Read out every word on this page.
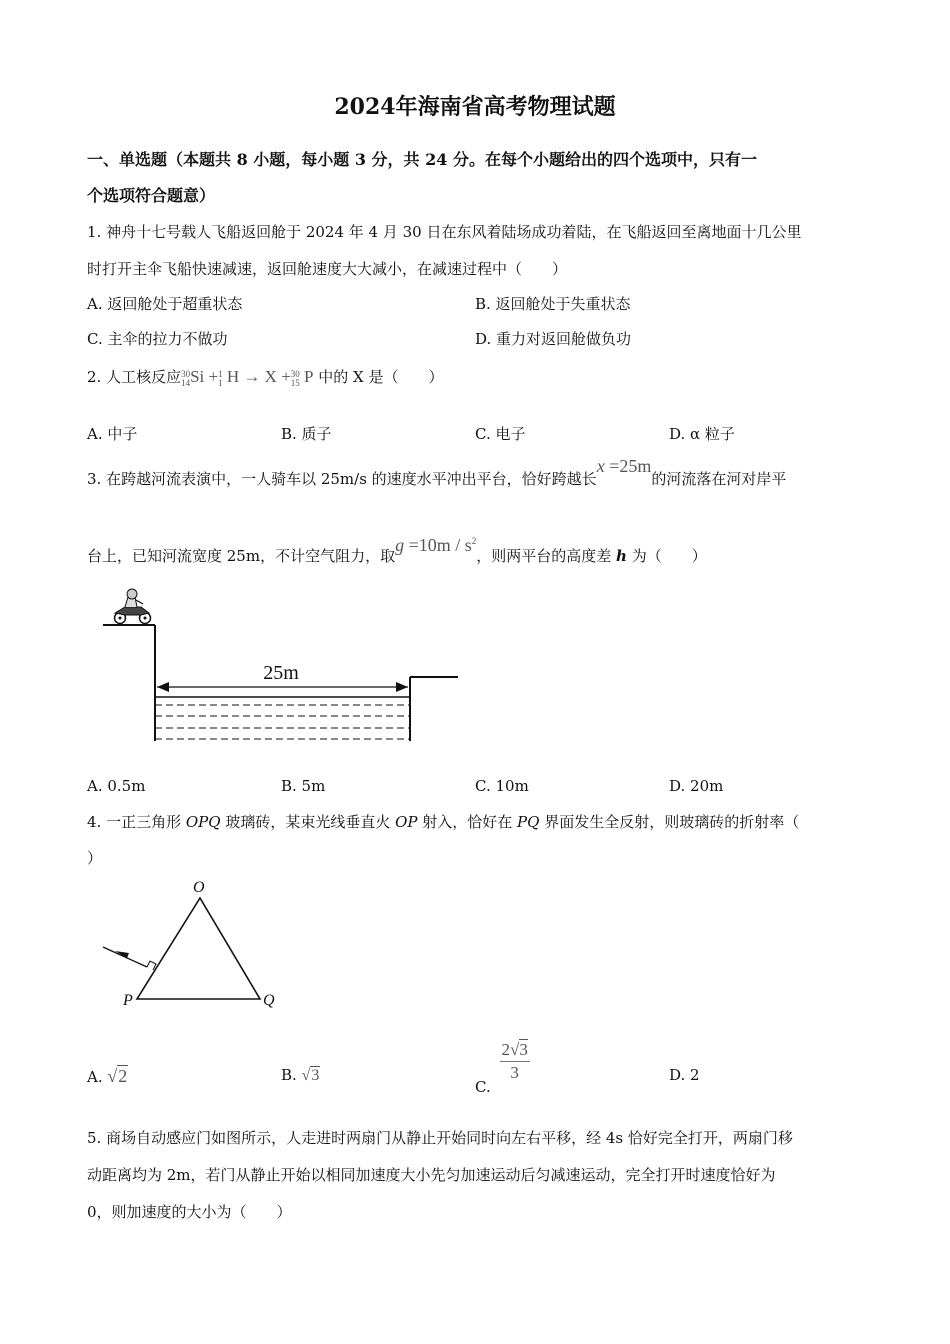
2024年海南省高考物理试题
一、单选题（本题共 8 小题，每小题 3 分，共 24 分。在每个小题给出的四个选项中，只有一
个选项符合题意）
1. 神舟十七号载人飞船返回舱于 2024 年 4 月 30 日在东风着陆场成功着陆，在飞船返回至离地面十几公里
时打开主伞飞船快速减速，返回舱速度大大减小，在减速过程中（　　）
A. 返回舱处于超重状态	B. 返回舱处于失重状态
C. 主伞的拉力不做功	D. 重力对返回舱做负功
2. 人工核反应30
14Si +1
1 H → X +30
15 P 中的 X 是（　　）
A. 中子	B. 质子	C. 电子	D. α 粒子
3. 在跨越河流表演中，一人骑车以 25m/s 的速度水平冲出平台，恰好跨越长x =25m的河流落在河对岸平
台上，已知河流宽度 25m，不计空气阻力，取$g =10m / s^2$，则两平台的高度差 h 为（　　）
25m
A. 0.5m	B. 5m	C. 10m	D. 20m
4. 一正三角形 OPQ 玻璃砖，某束光线垂直火 OP 射入，恰好在 PQ 界面发生全反射，则玻璃砖的折射率（
）
O
P	Q
A. √2	B. √3
C.
$\frac{2√3}{3}$	D. 2
5. 商场自动感应门如图所示，人走进时两扇门从静止开始同时向左右平移，经 4s 恰好完全打开，两扇门移
动距离均为 2m，若门从静止开始以相同加速度大小先匀加速运动后匀减速运动，完全打开时速度恰好为
0，则加速度的大小为（　　）
